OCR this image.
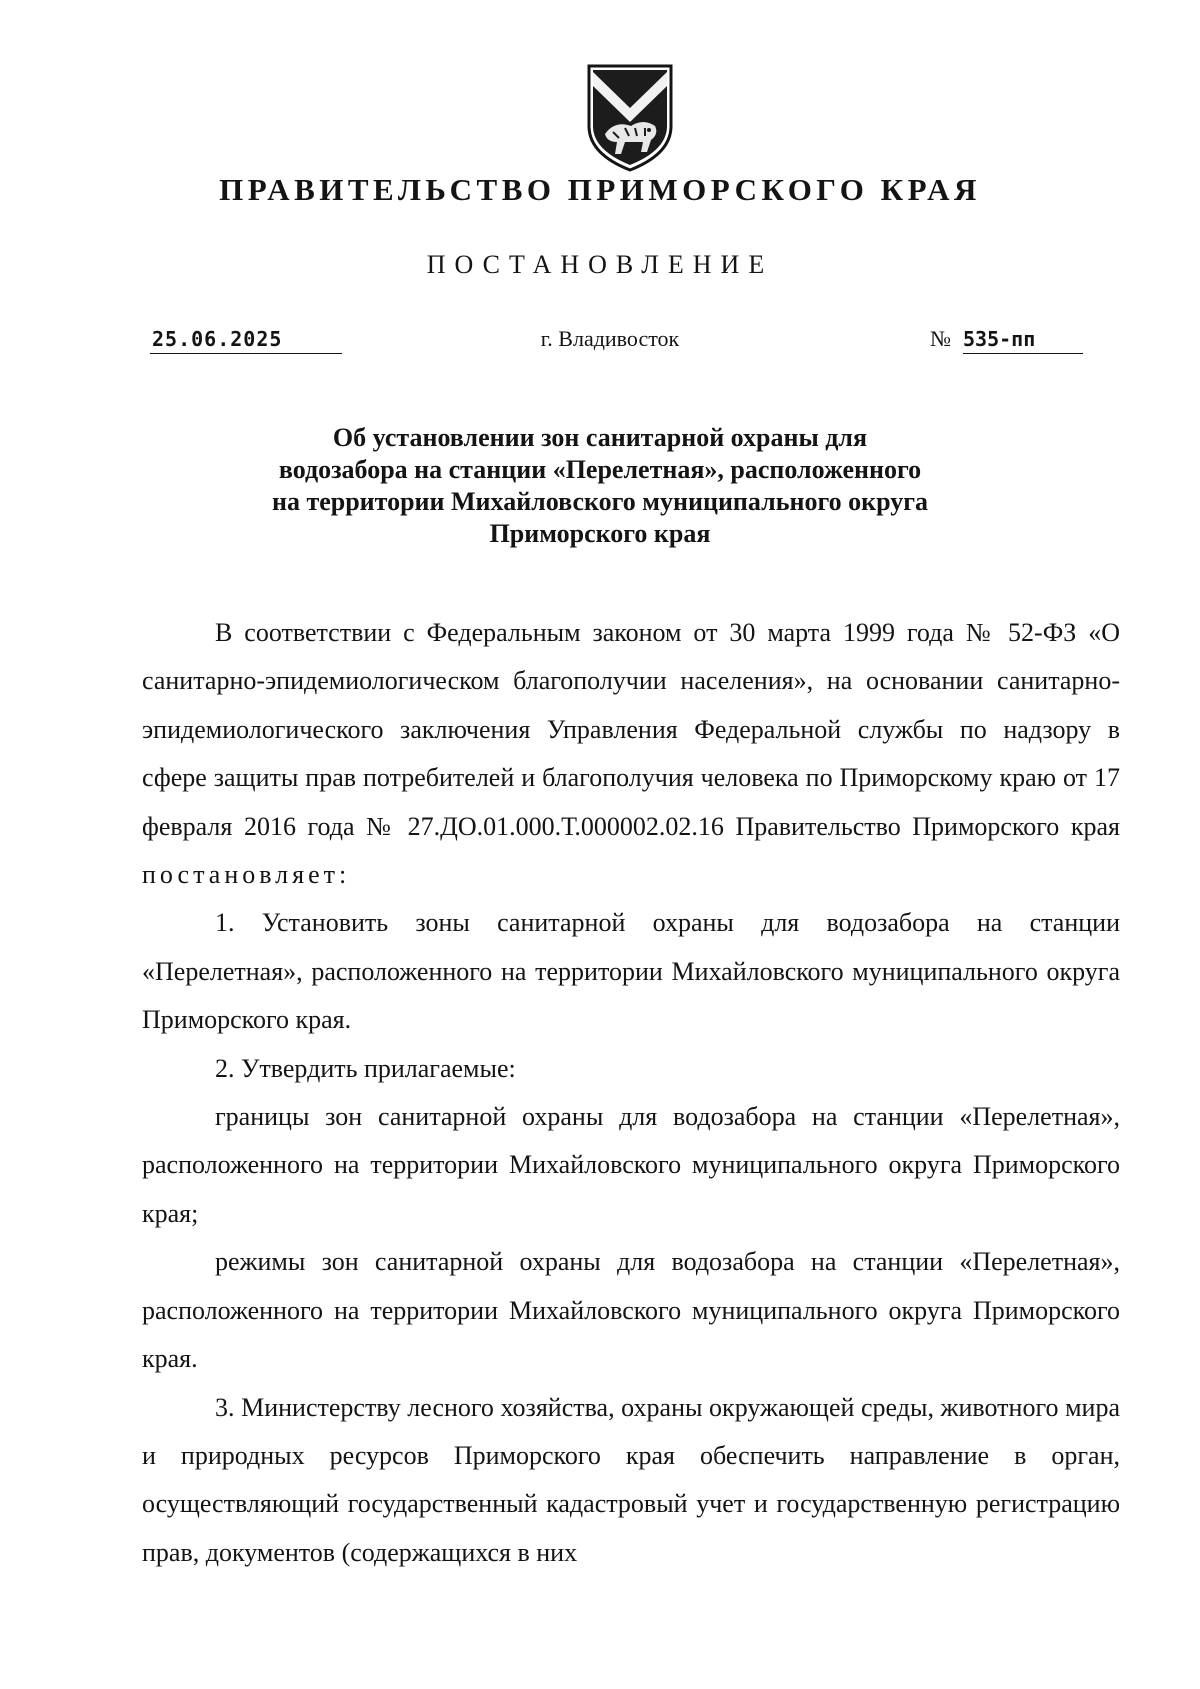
ПРАВИТЕЛЬСТВО ПРИМОРСКОГО КРАЯ
ПОСТАНОВЛЕНИЕ
25.06.2025	г. Владивосток	№ 535-пп
Об установлении зон санитарной охраны для
водозабора на станции «Перелетная», расположенного
на территории Михайловского муниципального округа
Приморского края

В соответствии с Федеральным законом от 30 марта 1999 года № 52-ФЗ «О санитарно-эпидемиологическом благополучии населения», на основании санитарно-эпидемиологического заключения Управления Федеральной службы по надзору в сфере защиты прав потребителей и благополучия человека по Приморскому краю от 17 февраля 2016 года № 27.ДО.01.000.Т.000002.02.16 Правительство Приморского края постановляет:

1. Установить зоны санитарной охраны для водозабора на станции «Перелетная», расположенного на территории Михайловского муниципального округа Приморского края.

2. Утвердить прилагаемые:

границы зон санитарной охраны для водозабора на станции «Перелетная», расположенного на территории Михайловского муниципального округа Приморского края;

режимы зон санитарной охраны для водозабора на станции «Перелетная», расположенного на территории Михайловского муниципального округа Приморского края.

3. Министерству лесного хозяйства, охраны окружающей среды, животного мира и природных ресурсов Приморского края обеспечить направление в орган, осуществляющий государственный кадастровый учет и государственную регистрацию прав, документов (содержащихся в них
